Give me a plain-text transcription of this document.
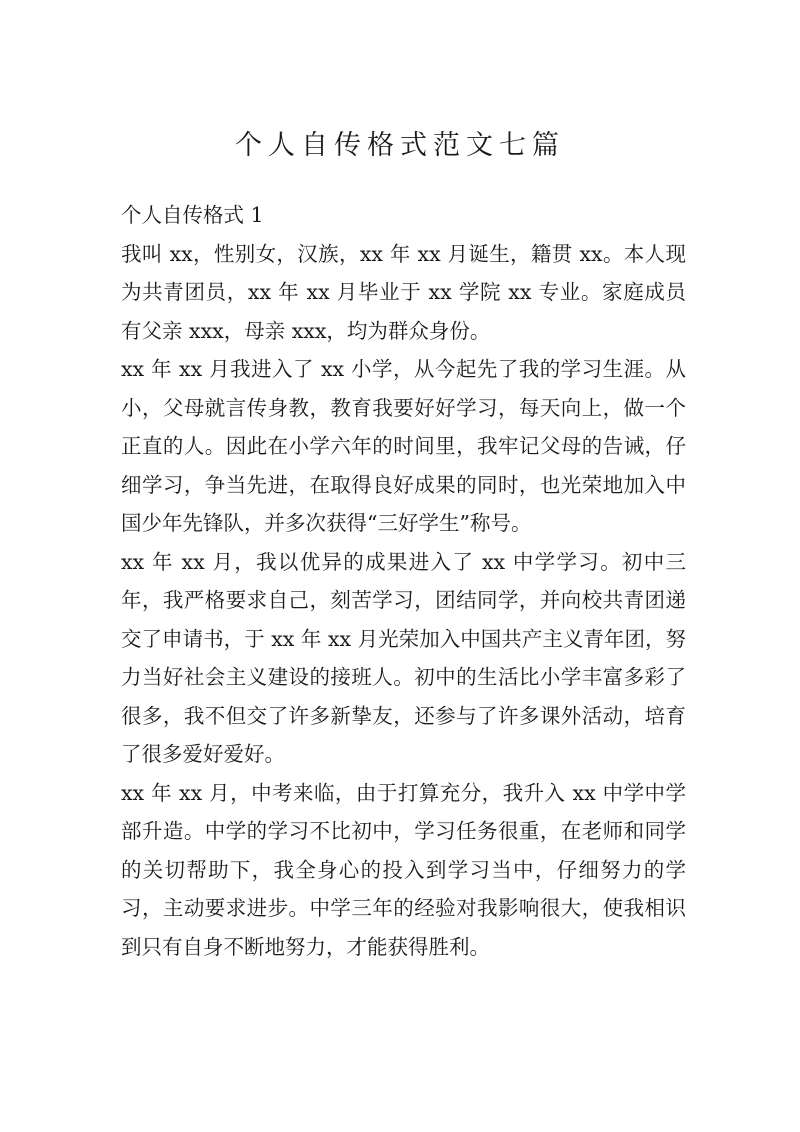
个人自传格式范文七篇

个人自传格式 1

我叫 xx，性别女，汉族，xx 年 xx 月诞生，籍贯 xx。本人现为共青团员，xx 年 xx 月毕业于 xx 学院 xx 专业。家庭成员有父亲 xxx，母亲 xxx，均为群众身份。

xx 年 xx 月我进入了 xx 小学，从今起先了我的学习生涯。从小，父母就言传身教，教育我要好好学习，每天向上，做一个正直的人。因此在小学六年的时间里，我牢记父母的告诫，仔细学习，争当先进，在取得良好成果的同时，也光荣地加入中国少年先锋队，并多次获得“三好学生”称号。

xx 年 xx 月，我以优异的成果进入了 xx 中学学习。初中三年，我严格要求自己，刻苦学习，团结同学，并向校共青团递交了申请书，于 xx 年 xx 月光荣加入中国共产主义青年团，努力当好社会主义建设的接班人。初中的生活比小学丰富多彩了很多，我不但交了许多新挚友，还参与了许多课外活动，培育了很多爱好爱好。

xx 年 xx 月，中考来临，由于打算充分，我升入 xx 中学中学部升造。中学的学习不比初中，学习任务很重，在老师和同学的关切帮助下，我全身心的投入到学习当中，仔细努力的学习，主动要求进步。中学三年的经验对我影响很大，使我相识到只有自身不断地努力，才能获得胜利。
